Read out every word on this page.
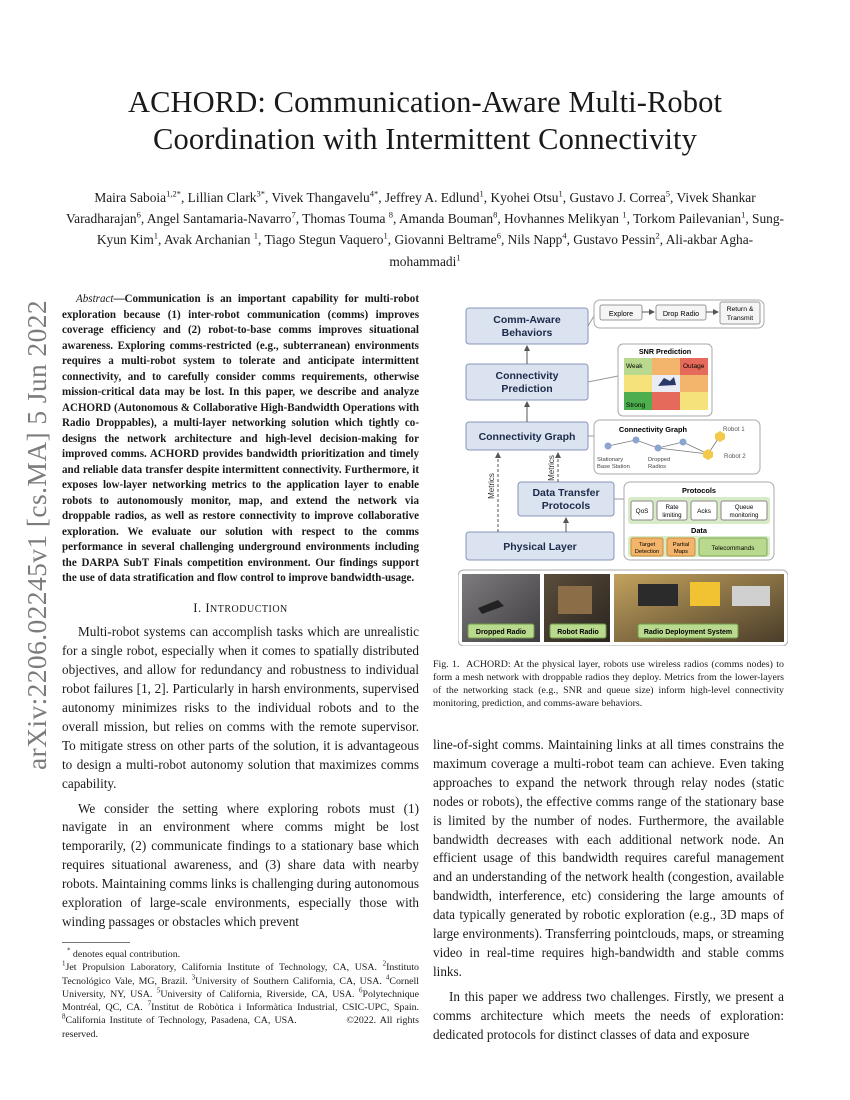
ACHORD: Communication-Aware Multi-Robot
Coordination with Intermittent Connectivity
Maira Saboia$^{1,2*}$, Lillian Clark$^{3*}$, Vivek Thangavelu$^{4*}$, Jeffrey A. Edlund$^1$, Kyohei Otsu$^1$, Gustavo J. Correa$^5$, Vivek Shankar Varadharajan$^6$, Angel Santamaria-Navarro$^7$, Thomas Touma $^8$, Amanda Bouman$^8$, Hovhannes Melikyan $^1$, Torkom Pailevanian$^1$, Sung-Kyun Kim$^1$, Avak Archanian $^1$, Tiago Stegun Vaquero$^1$, Giovanni Beltrame$^6$, Nils Napp$^4$, Gustavo Pessin$^2$, Ali-akbar Agha-mohammadi$^1$
arXiv:2206.02245v1 [cs.MA] 5 Jun 2022

Abstract—Communication is an important capability for multi-robot exploration because (1) inter-robot communication (comms) improves coverage efficiency and (2) robot-to-base comms improves situational awareness. Exploring comms-restricted (e.g., subterranean) environments requires a multi-robot system to tolerate and anticipate intermittent connectivity, and to carefully consider comms requirements, otherwise mission-critical data may be lost. In this paper, we describe and analyze ACHORD (Autonomous & Collaborative High-Bandwidth Operations with Radio Droppables), a multi-layer networking solution which tightly co-designs the network architecture and high-level decision-making for improved comms. ACHORD provides bandwidth prioritization and timely and reliable data transfer despite intermittent connectivity. Furthermore, it exposes low-layer networking metrics to the application layer to enable robots to autonomously monitor, map, and extend the network via droppable radios, as well as restore connectivity to improve collaborative exploration. We evaluate our solution with respect to the comms performance in several challenging underground environments including the DARPA SubT Finals competition environment. Our findings support the use of data stratification and flow control to improve bandwidth-usage.

I. INTRODUCTION

Multi-robot systems can accomplish tasks which are unrealistic for a single robot, especially when it comes to spatially distributed objectives, and allow for redundancy and robustness to individual robot failures [1, 2]. Particularly in harsh environments, supervised autonomy minimizes risks to the individual robots and to the overall mission, but relies on comms with the remote supervisor. To mitigate stress on other parts of the solution, it is advantageous to design a multi-robot autonomy solution that maximizes comms capability.

We consider the setting where exploring robots must (1) navigate in an environment where comms might be lost temporarily, (2) communicate findings to a stationary base which requires situational awareness, and (3) share data with nearby robots. Maintaining comms links is challenging during autonomous exploration of large-scale environments, especially those with winding passages or obstacles which prevent

* denotes equal contribution.

$^1$Jet Propulsion Laboratory, California Institute of Technology, CA, USA. $^2$Instituto Tecnológico Vale, MG, Brazil. $^3$University of Southern California, CA, USA. $^4$Cornell University, NY, USA. $^5$University of California, Riverside, CA, USA. $^6$Polytechnique Montréal, QC, CA. $^7$Institut de Robòtica i Informàtica Industrial, CSIC-UPC, Spain. $^8$California Institute of Technology, Pasadena, CA, USA.	©2022. All rights reserved.

Comm-Aware
Behaviors
Connectivity
Prediction
Connectivity Graph
Data Transfer
Protocols
Physical Layer
Metrics
Metrics
Explore	Drop Radio	Return &
Transmit
SNR Prediction
Weak	Outage
Strong
Connectivity Graph	Robot 1
Robot 2
Stationary
Base Station
Dropped
Radios
Protocols
QoS
Rate
limiting
Acks
Queue
monitoring
Data
Target
Detection
Partial
Maps	Telecommands
Dropped Radio	Robot Radio	Radio Deployment System
Fig. 1. ACHORD: At the physical layer, robots use wireless radios (comms nodes) to form a mesh network with droppable radios they deploy. Metrics from the lower-layers of the networking stack (e.g., SNR and queue size) inform high-level connectivity monitoring, prediction, and comms-aware behaviors.

line-of-sight comms. Maintaining links at all times constrains the maximum coverage a multi-robot team can achieve. Even taking approaches to expand the network through relay nodes (static nodes or robots), the effective comms range of the stationary base is limited by the number of nodes. Furthermore, the available bandwidth decreases with each additional network node. An efficient usage of this bandwidth requires careful management and an understanding of the network health (congestion, available bandwidth, interference, etc) considering the large amounts of data typically generated by robotic exploration (e.g., 3D maps of large environments). Transferring pointclouds, maps, or streaming video in real-time requires high-bandwidth and stable comms links.

In this paper we address two challenges. Firstly, we present a comms architecture which meets the needs of exploration: dedicated protocols for distinct classes of data and exposure
